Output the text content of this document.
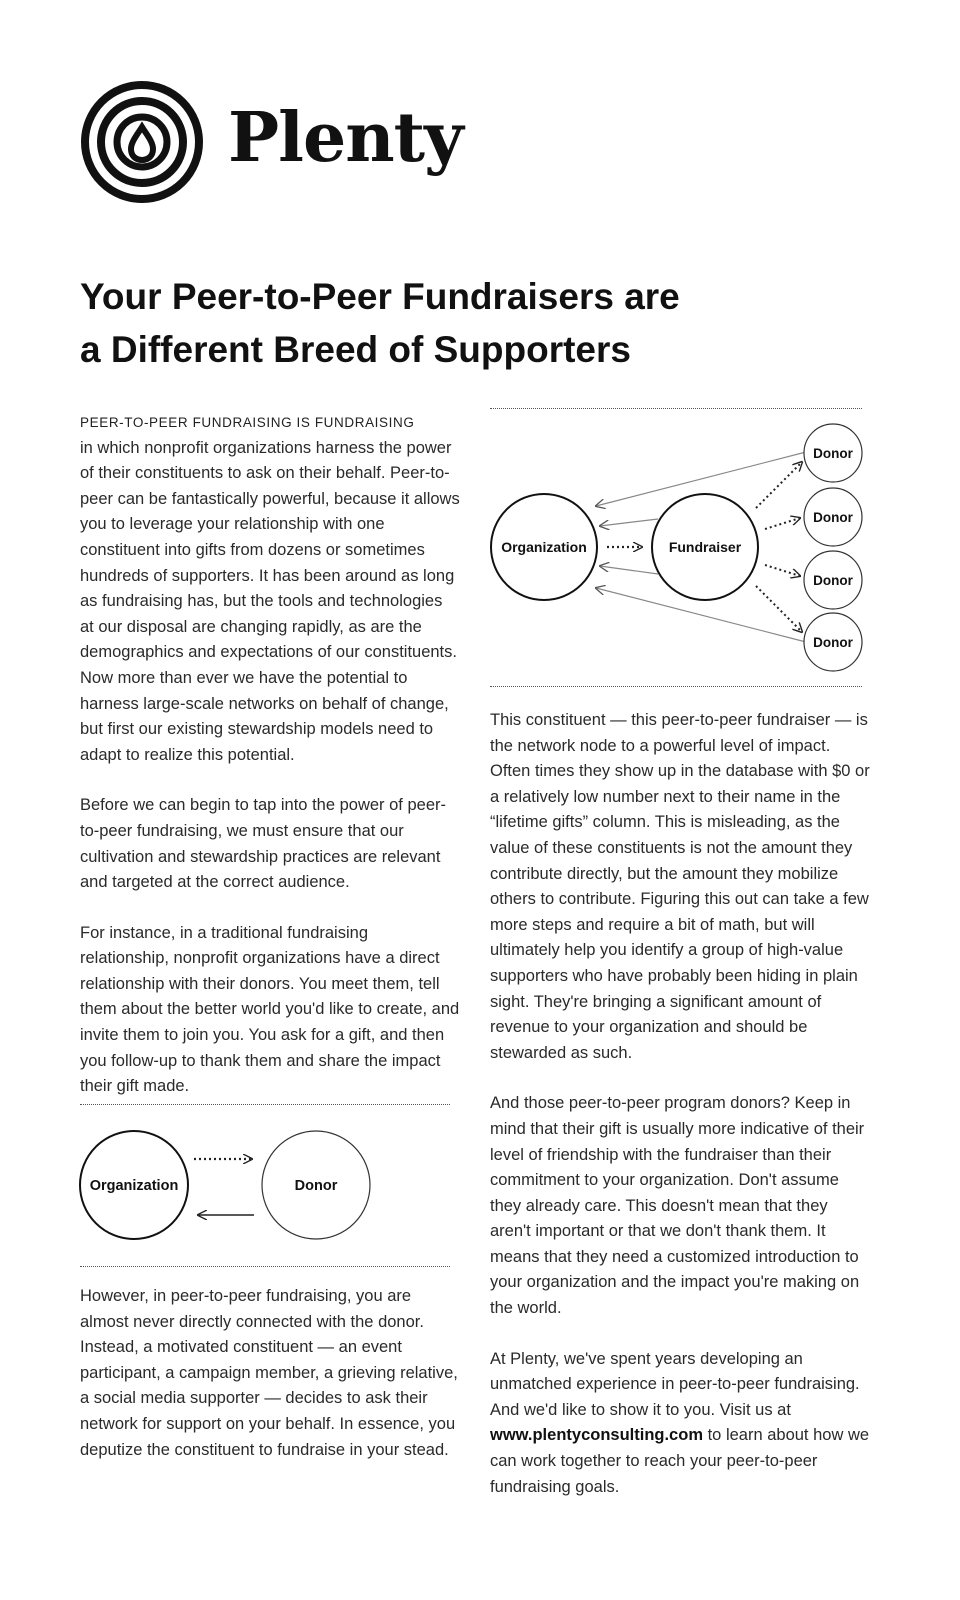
Plenty
Your Peer-to-Peer Fundraisers are
a Different Breed of Supporters

PEER-TO-PEER FUNDRAISING IS FUNDRAISING
in which nonprofit organizations harness the power of their constituents to ask on their behalf. Peer-to-peer can be fantastically powerful, because it allows you to leverage your relationship with one constituent into gifts from dozens or sometimes hundreds of supporters. It has been around as long as fundraising has, but the tools and technologies at our disposal are changing rapidly, as are the demographics and expectations of our constituents. Now more than ever we have the potential to harness large-scale networks on behalf of change, but first our existing stewardship models need to adapt to realize this potential.

Before we can begin to tap into the power of peer-to-peer fundraising, we must ensure that our cultivation and stewardship practices are relevant and targeted at the correct audience.

For instance, in a traditional fundraising relationship, nonprofit organizations have a direct relationship with their donors. You meet them, tell them about the better world you'd like to create, and invite them to join you. You ask for a gift, and then you follow-up to thank them and share the impact their gift made.

Organization	Donor

However, in peer-to-peer fundraising, you are almost never directly connected with the donor. Instead, a motivated constituent — an event participant, a campaign member, a grieving relative, a social media supporter — decides to ask their network for support on your behalf. In essence, you deputize the constituent to fundraise in your stead.

Organization	Fundraiser
Donor
Donor
Donor
Donor

This constituent — this peer-to-peer fundraiser — is the network node to a powerful level of impact. Often times they show up in the database with $0 or a relatively low number next to their name in the “lifetime gifts” column. This is misleading, as the value of these constituents is not the amount they contribute directly, but the amount they mobilize others to contribute. Figuring this out can take a few more steps and require a bit of math, but will ultimately help you identify a group of high-value supporters who have probably been hiding in plain sight. They're bringing a significant amount of revenue to your organization and should be stewarded as such.

And those peer-to-peer program donors? Keep in mind that their gift is usually more indicative of their level of friendship with the fundraiser than their commitment to your organization. Don't assume they already care. This doesn't mean that they aren't important or that we don't thank them. It means that they need a customized introduction to your organization and the impact you're making on the world.

At Plenty, we've spent years developing an unmatched experience in peer-to-peer fundraising. And we'd like to show it to you. Visit us at www.plentyconsulting.com to learn about how we can work together to reach your peer-to-peer fundraising goals.
